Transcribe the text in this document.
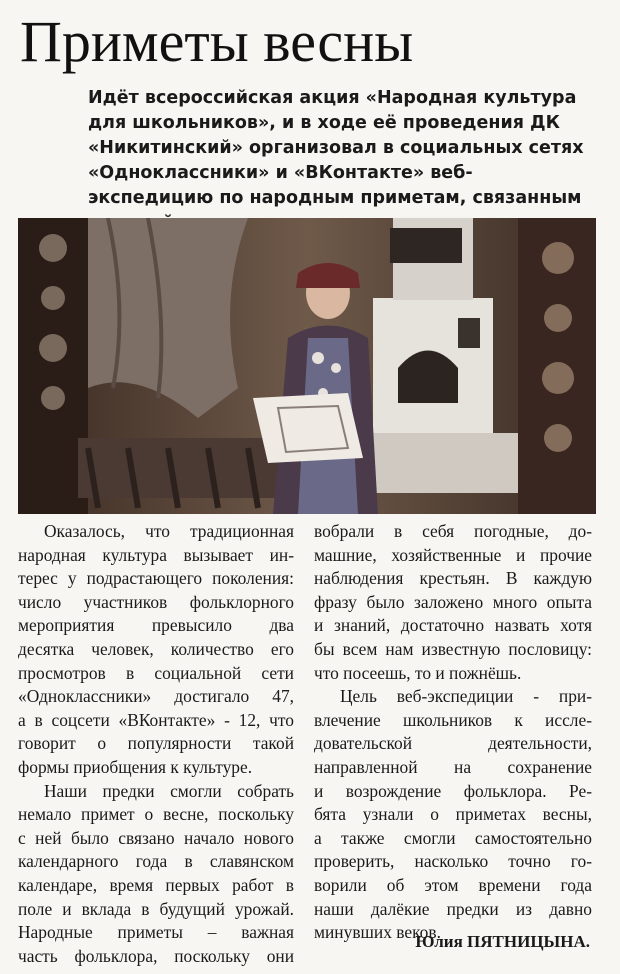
Приметы весны

Идёт всероссийская акция «Народная культура для школьников», и в ходе её проведения ДК «Никитинский» организовал в социальных сетях «Одноклассники» и «ВКонтакте» веб-экспедицию по народным приметам, связанным

Оказалось, что традиционная
народная культура вызывает ин-
терес у подрастающего поколения:
число участников фольклорного
мероприятия превысило два
десятка человек, количество его
просмотров в социальной сети
«Одноклассники» достигало 47,
а в соцсети «ВКонтакте» - 12, что
говорит о популярности такой
формы приобщения к культуре.

Наши предки смогли собрать
немало примет о весне, поскольку
с ней было связано начало нового
календарного года в славянском
календаре, время первых работ в
поле и вклада в будущий урожай.
Народные приметы – важная
часть фольклора, поскольку они

вобрали в себя погодные, до-
машние, хозяйственные и прочие
наблюдения крестьян. В каждую
фразу было заложено много опыта
и знаний, достаточно назвать хотя
бы всем нам известную пословицу:
что посеешь, то и пожнёшь.

Цель веб-экспедиции - при-
влечение школьников к иссле-
довательской деятельности,
направленной на сохранение
и возрождение фольклора. Ре-
бята узнали о приметах весны,
а также смогли самостоятельно
проверить, насколько точно го-
ворили об этом времени года
наши далёкие предки из давно
минувших веков.

Юлия ПЯТНИЦЫНА.
